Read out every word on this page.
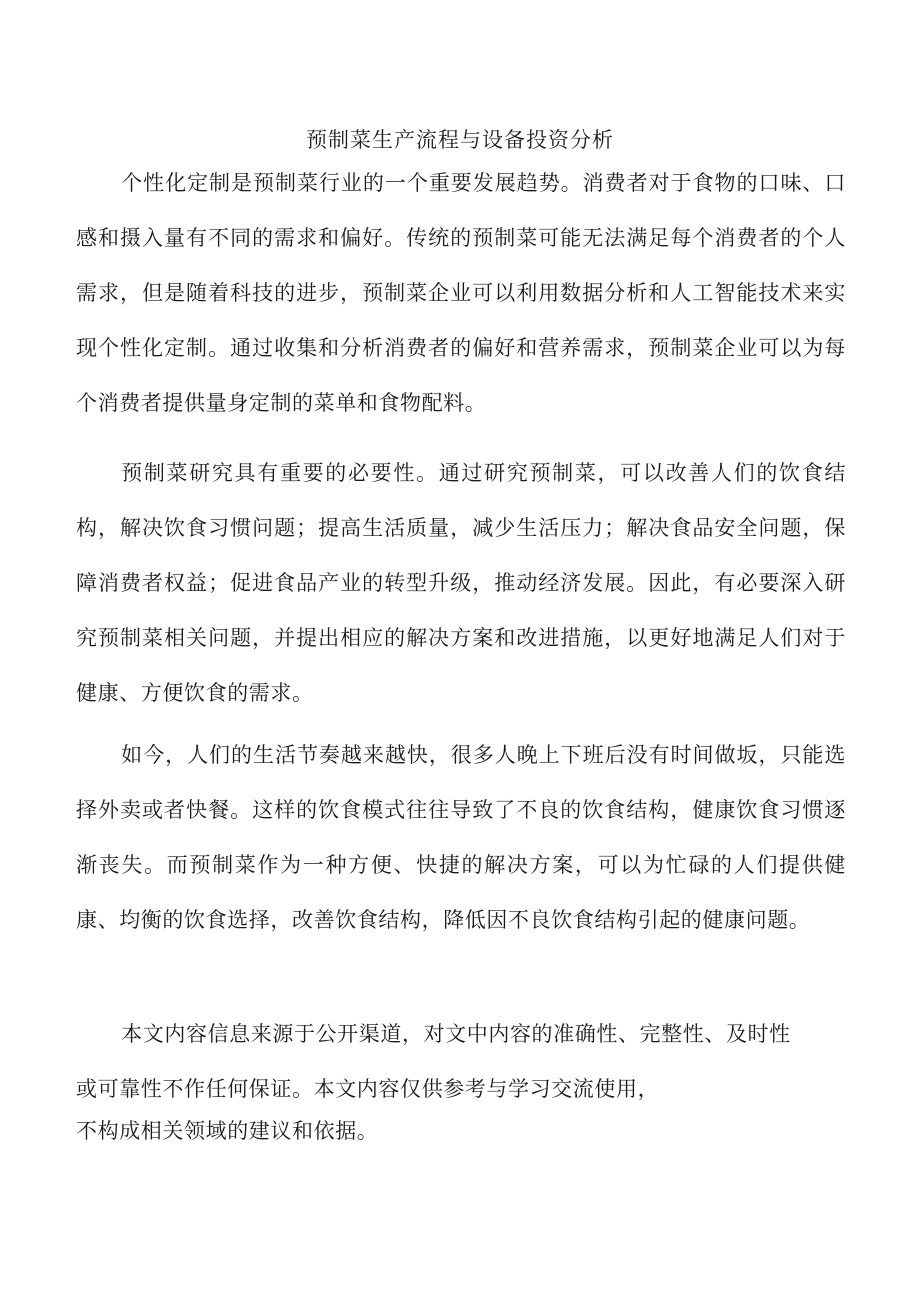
预制菜生产流程与设备投资分析
个性化定制是预制菜行业的一个重要发展趋势。消费者对于食物的口味、口感和摄入量有不同的需求和偏好。传统的预制菜可能无法满足每个消费者的个人需求，但是随着科技的进步，预制菜企业可以利用数据分析和人工智能技术来实现个性化定制。通过收集和分析消费者的偏好和营养需求，预制菜企业可以为每个消费者提供量身定制的菜单和食物配料。
预制菜研究具有重要的必要性。通过研究预制菜，可以改善人们的饮食结构，解决饮食习惯问题；提高生活质量，减少生活压力；解决食品安全问题，保障消费者权益；促进食品产业的转型升级，推动经济发展。因此，有必要深入研究预制菜相关问题，并提出相应的解决方案和改进措施，以更好地满足人们对于健康、方便饮食的需求。
如今，人们的生活节奏越来越快，很多人晚上下班后没有时间做坂，只能选择外卖或者快餐。这样的饮食模式往往导致了不良的饮食结构，健康饮食习惯逐渐丧失。而预制菜作为一种方便、快捷的解决方案，可以为忙碌的人们提供健康、均衡的饮食选择，改善饮食结构，降低因不良饮食结构引起的健康问题。
本文内容信息来源于公开渠道，对文中内容的准确性、完整性、及时性
或可靠性不作任何保证。本文内容仅供参考与学习交流使用，
不构成相关领域的建议和依据。
